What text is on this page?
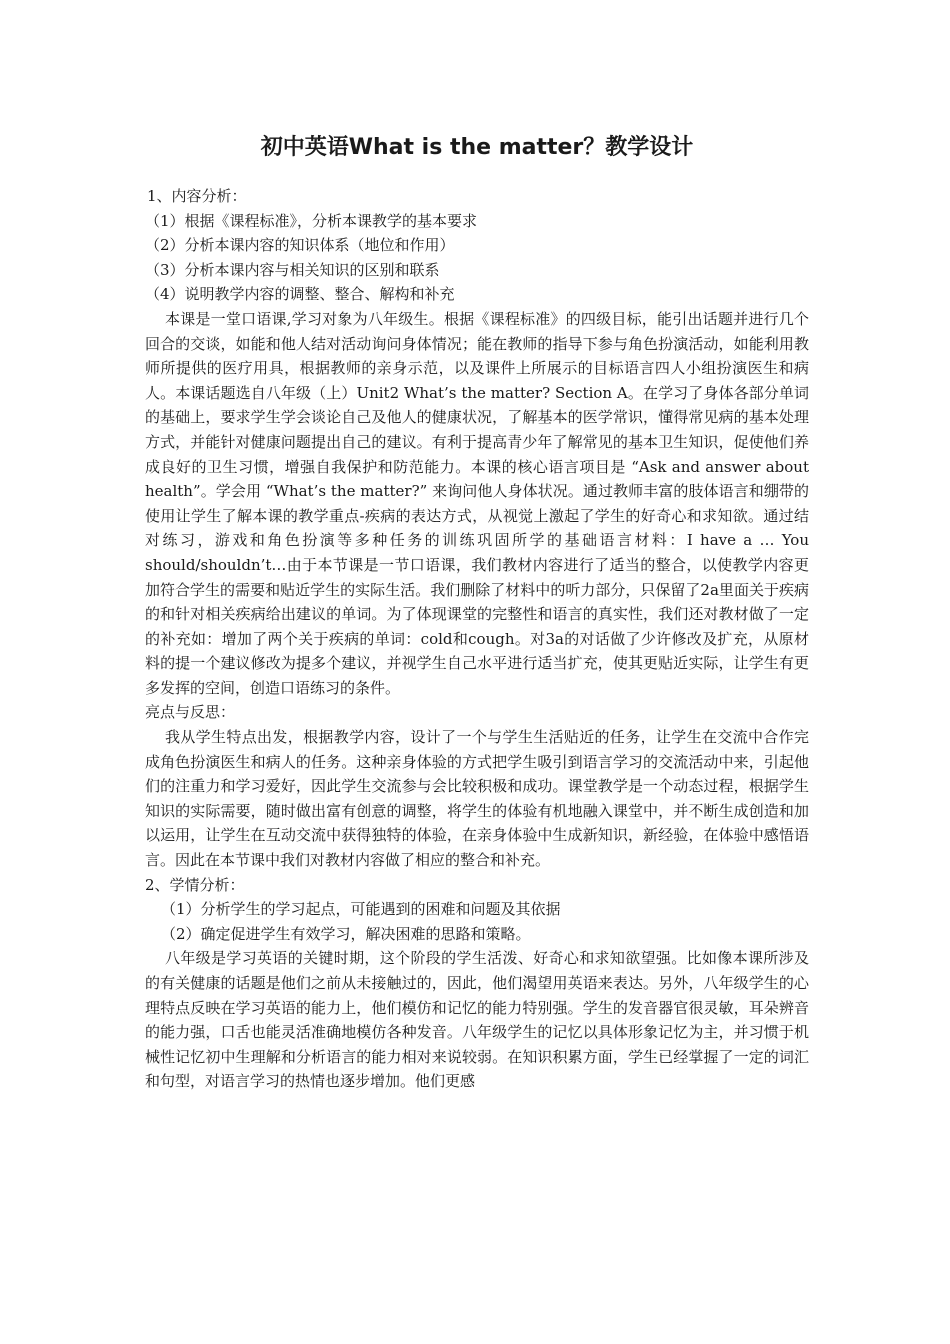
初中英语What is the matter？教学设计
1、内容分析：
（1）根据《课程标准》，分析本课教学的基本要求
（2）分析本课内容的知识体系（地位和作用）
（3）分析本课内容与相关知识的区别和联系
（4）说明教学内容的调整、整合、解构和补充

本课是一堂口语课,学习对象为八年级生。根据《课程标准》的四级目标，能引出话题并进行几个回合的交谈，如能和他人结对活动询问身体情况；能在教师的指导下参与角色扮演活动，如能利用教师所提供的医疗用具，根据教师的亲身示范，以及课件上所展示的目标语言四人小组扮演医生和病人。本课话题选自八年级（上）Unit2 What’s the matter? Section A。在学习了身体各部分单词的基础上，要求学生学会谈论自己及他人的健康状况，了解基本的医学常识，懂得常见病的基本处理方式，并能针对健康问题提出自己的建议。有利于提高青少年了解常见的基本卫生知识，促使他们养成良好的卫生习惯，增强自我保护和防范能力。本课的核心语言项目是 “Ask and answer about health”。学会用 “What’s the matter?” 来询问他人身体状况。通过教师丰富的肢体语言和绷带的使用让学生了解本课的教学重点-疾病的表达方式，从视觉上激起了学生的好奇心和求知欲。通过结对练习，游戏和角色扮演等多种任务的训练巩固所学的基础语言材料：I have a … You should/shouldn’t…由于本节课是一节口语课，我们教材内容进行了适当的整合，以使教学内容更加符合学生的需要和贴近学生的实际生活。我们删除了材料中的听力部分，只保留了2a里面关于疾病的和针对相关疾病给出建议的单词。为了体现课堂的完整性和语言的真实性，我们还对教材做了一定的补充如：增加了两个关于疾病的单词：cold和cough。对3a的对话做了少许修改及扩充，从原材料的提一个建议修改为提多个建议，并视学生自己水平进行适当扩充，使其更贴近实际，让学生有更多发挥的空间，创造口语练习的条件。

亮点与反思：

我从学生特点出发，根据教学内容，设计了一个与学生生活贴近的任务，让学生在交流中合作完成角色扮演医生和病人的任务。这种亲身体验的方式把学生吸引到语言学习的交流活动中来，引起他们的注重力和学习爱好，因此学生交流参与会比较积极和成功。课堂教学是一个动态过程，根据学生知识的实际需要，随时做出富有创意的调整，将学生的体验有机地融入课堂中，并不断生成创造和加以运用，让学生在互动交流中获得独特的体验，在亲身体验中生成新知识，新经验，在体验中感悟语言。因此在本节课中我们对教材内容做了相应的整合和补充。

2、学情分析：
（1）分析学生的学习起点，可能遇到的困难和问题及其依据
（2）确定促进学生有效学习，解决困难的思路和策略。

八年级是学习英语的关键时期，这个阶段的学生活泼、好奇心和求知欲望强。比如像本课所涉及的有关健康的话题是他们之前从未接触过的，因此，他们渴望用英语来表达。另外，八年级学生的心理特点反映在学习英语的能力上，他们模仿和记忆的能力特别强。学生的发音器官很灵敏，耳朵辨音的能力强，口舌也能灵活准确地模仿各种发音。八年级学生的记忆以具体形象记忆为主，并习惯于机械性记忆初中生理解和分析语言的能力相对来说较弱。在知识积累方面，学生已经掌握了一定的词汇和句型，对语言学习的热情也逐步增加。他们更感
